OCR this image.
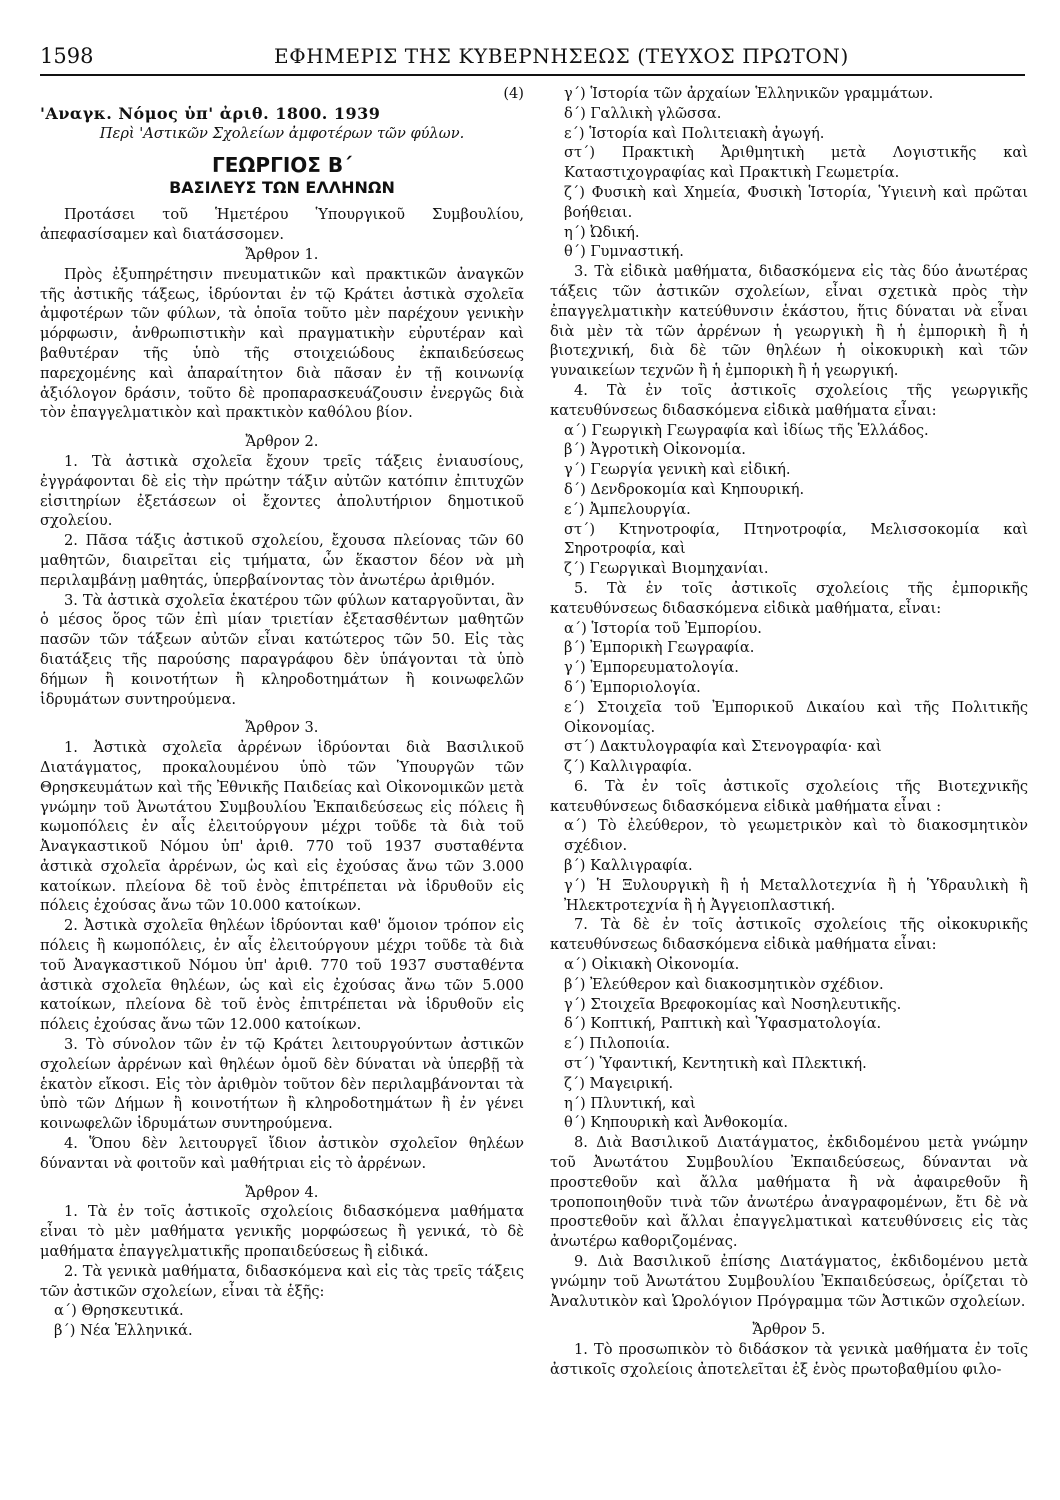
1598	ΕΦΗΜΕΡΙΣ ΤΗΣ ΚΥΒΕΡΝΗΣΕΩΣ (ΤΕΥΧΟΣ ΠΡΩΤΟΝ)

(4)

'Αναγκ. Νόμος ὑπ' ἀριθ. 1800. 1939

Περὶ 'Αστικῶν Σχολείων ἀμφοτέρων τῶν φύλων.

ΓΕΩΡΓΙΟΣ Β΄

ΒΑΣΙΛΕΥΣ ΤΩΝ ΕΛΛΗΝΩΝ

Προτάσει τοῦ Ἡμετέρου Ὑπουργικοῦ Συμβουλίου, ἀπεφασίσαμεν καὶ διατάσσομεν.

Ἄρθρον 1.

Πρὸς ἐξυπηρέτησιν πνευματικῶν καὶ πρακτικῶν ἀναγκῶν τῆς ἀστικῆς τάξεως, ἱδρύονται ἐν τῷ Κράτει ἀστικὰ σχολεῖα ἀμφοτέρων τῶν φύλων, τὰ ὁποῖα τοῦτο μὲν παρέχουν γενικὴν μόρφωσιν, ἀνθρωπιστικὴν καὶ πραγματικὴν εὐρυτέραν καὶ βαθυτέραν τῆς ὑπὸ τῆς στοιχειώδους ἐκπαιδεύσεως παρεχομένης καὶ ἀπαραίτητον διὰ πᾶσαν ἐν τῇ κοινωνίᾳ ἀξιόλογον δράσιν, τοῦτο δὲ προπαρασκευάζουσιν ἐνεργῶς διὰ τὸν ἐπαγγελματικὸν καὶ πρακτικὸν καθόλου βίον.

Ἄρθρον 2.

1. Τὰ ἀστικὰ σχολεῖα ἔχουν τρεῖς τάξεις ἐνιαυσίους, ἐγγράφονται δὲ εἰς τὴν πρώτην τάξιν αὐτῶν κατόπιν ἐπιτυχῶν εἰσιτηρίων ἐξετάσεων οἱ ἔχοντες ἀπολυτήριον δημοτικοῦ σχολείου.

2. Πᾶσα τάξις ἀστικοῦ σχολείου, ἔχουσα πλείονας τῶν 60 μαθητῶν, διαιρεῖται εἰς τμήματα, ὧν ἕκαστον δέον νὰ μὴ περιλαμβάνῃ μαθητάς, ὑπερβαίνοντας τὸν ἀνωτέρω ἀριθμόν.

3. Τὰ ἀστικὰ σχολεῖα ἑκατέρου τῶν φύλων καταργοῦνται, ἂν ὁ μέσος ὅρος τῶν ἐπὶ μίαν τριετίαν ἐξετασθέντων μαθητῶν πασῶν τῶν τάξεων αὐτῶν εἶναι κατώτερος τῶν 50. Εἰς τὰς διατάξεις τῆς παρούσης παραγράφου δὲν ὑπάγονται τὰ ὑπὸ δήμων ἢ κοινοτήτων ἢ κληροδοτημάτων ἢ κοινωφελῶν ἱδρυμάτων συντηρούμενα.

Ἄρθρον 3.

1. Ἀστικὰ σχολεῖα ἀρρένων ἱδρύονται διὰ Βασιλικοῦ Διατάγματος, προκαλουμένου ὑπὸ τῶν Ὑπουργῶν τῶν Θρησκευμάτων καὶ τῆς Ἐθνικῆς Παιδείας καὶ Οἰκονομικῶν μετὰ γνώμην τοῦ Ἀνωτάτου Συμβουλίου Ἐκπαιδεύσεως εἰς πόλεις ἢ κωμοπόλεις ἐν αἷς ἐλειτούργουν μέχρι τοῦδε τὰ διὰ τοῦ Ἀναγκαστικοῦ Νόμου ὑπ' ἀριθ. 770 τοῦ 1937 συσταθέντα ἀστικὰ σχολεῖα ἀρρένων, ὡς καὶ εἰς ἐχούσας ἄνω τῶν 3.000 κατοίκων. πλείονα δὲ τοῦ ἑνὸς ἐπιτρέπεται νὰ ἱδρυθοῦν εἰς πόλεις ἐχούσας ἄνω τῶν 10.000 κατοίκων.

2. Ἀστικὰ σχολεῖα θηλέων ἱδρύονται καθ' ὅμοιον τρόπον εἰς πόλεις ἢ κωμοπόλεις, ἐν αἷς ἐλειτούργουν μέχρι τοῦδε τὰ διὰ τοῦ Ἀναγκαστικοῦ Νόμου ὑπ' ἀριθ. 770 τοῦ 1937 συσταθέντα ἀστικὰ σχολεῖα θηλέων, ὡς καὶ εἰς ἐχούσας ἄνω τῶν 5.000 κατοίκων, πλείονα δὲ τοῦ ἑνὸς ἐπιτρέπεται νὰ ἱδρυθοῦν εἰς πόλεις ἐχούσας ἄνω τῶν 12.000 κατοίκων.

3. Τὸ σύνολον τῶν ἐν τῷ Κράτει λειτουργούντων ἀστικῶν σχολείων ἀρρένων καὶ θηλέων ὁμοῦ δὲν δύναται νὰ ὑπερβῇ τὰ ἑκατὸν εἴκοσι. Εἰς τὸν ἀριθμὸν τοῦτον δὲν περιλαμβάνονται τὰ ὑπὸ τῶν Δήμων ἢ κοινοτήτων ἢ κληροδοτημάτων ἢ ἐν γένει κοινωφελῶν ἱδρυμάτων συντηρούμενα.

4. Ὅπου δὲν λειτουργεῖ ἴδιον ἀστικὸν σχολεῖον θηλέων δύνανται νὰ φοιτοῦν καὶ μαθήτριαι εἰς τὸ ἀρρένων.

Ἄρθρον 4.

1. Τὰ ἐν τοῖς ἀστικοῖς σχολείοις διδασκόμενα μαθήματα εἶναι τὸ μὲν μαθήματα γενικῆς μορφώσεως ἢ γενικά, τὸ δὲ μαθήματα ἐπαγγελματικῆς προπαιδεύσεως ἢ εἰδικά.

2. Τὰ γενικὰ μαθήματα, διδασκόμενα καὶ εἰς τὰς τρεῖς τάξεις τῶν ἀστικῶν σχολείων, εἶναι τὰ ἑξῆς:

α΄) Θρησκευτικά.

β΄) Νέα Ἑλληνικά.

γ΄) Ἱστορία τῶν ἀρχαίων Ἑλληνικῶν γραμμάτων.

δ΄) Γαλλικὴ γλῶσσα.

ε΄) Ἱστορία καὶ Πολιτειακὴ ἀγωγή.

στ΄) Πρακτικὴ Ἀριθμητικὴ μετὰ Λογιστικῆς καὶ Καταστιχογραφίας καὶ Πρακτικὴ Γεωμετρία.

ζ΄) Φυσικὴ καὶ Χημεία, Φυσικὴ Ἱστορία, Ὑγιεινὴ καὶ πρῶται βοήθειαι.

η΄) Ὠδική.

θ΄) Γυμναστική.

3. Τὰ εἰδικὰ μαθήματα, διδασκόμενα εἰς τὰς δύο ἀνωτέρας τάξεις τῶν ἀστικῶν σχολείων, εἶναι σχετικὰ πρὸς τὴν ἐπαγγελματικὴν κατεύθυνσιν ἑκάστου, ἥτις δύναται νὰ εἶναι διὰ μὲν τὰ τῶν ἀρρένων ἡ γεωργικὴ ἢ ἡ ἐμπορικὴ ἢ ἡ βιοτεχνική, διὰ δὲ τῶν θηλέων ἡ οἰκοκυρικὴ καὶ τῶν γυναικείων τεχνῶν ἢ ἡ ἐμπορικὴ ἢ ἡ γεωργική.

4. Τὰ ἐν τοῖς ἀστικοῖς σχολείοις τῆς γεωργικῆς κατευθύνσεως διδασκόμενα εἰδικὰ μαθήματα εἶναι:

α΄) Γεωργικὴ Γεωγραφία καὶ ἰδίως τῆς Ἑλλάδος.

β΄) Ἀγροτικὴ Οἰκονομία.

γ΄) Γεωργία γενικὴ καὶ εἰδική.

δ΄) Δενδροκομία καὶ Κηπουρική.

ε΄) Ἀμπελουργία.

στ΄) Κτηνοτροφία, Πτηνοτροφία, Μελισσοκομία καὶ Σηροτροφία, καὶ

ζ΄) Γεωργικαὶ Βιομηχανίαι.

5. Τὰ ἐν τοῖς ἀστικοῖς σχολείοις τῆς ἐμπορικῆς κατευθύνσεως διδασκόμενα εἰδικὰ μαθήματα, εἶναι:

α΄) Ἱστορία τοῦ Ἐμπορίου.

β΄) Ἐμπορικὴ Γεωγραφία.

γ΄) Ἐμπορευματολογία.

δ΄) Ἐμποριολογία.

ε΄) Στοιχεῖα τοῦ Ἐμπορικοῦ Δικαίου καὶ τῆς Πολιτικῆς Οἰκονομίας.

στ΄) Δακτυλογραφία καὶ Στενογραφία· καὶ

ζ΄) Καλλιγραφία.

6. Τὰ ἐν τοῖς ἀστικοῖς σχολείοις τῆς Βιοτεχνικῆς κατευθύνσεως διδασκόμενα εἰδικὰ μαθήματα εἶναι :

α΄) Τὸ ἐλεύθερον, τὸ γεωμετρικὸν καὶ τὸ διακοσμητικὸν σχέδιον.

β΄) Καλλιγραφία.

γ΄) Ἡ Ξυλουργικὴ ἢ ἡ Μεταλλοτεχνία ἢ ἡ Ὑδραυλικὴ ἢ Ἠλεκτροτεχνία ἢ ἡ Ἀγγειοπλαστική.

7. Τὰ δὲ ἐν τοῖς ἀστικοῖς σχολείοις τῆς οἰκοκυρικῆς κατευθύνσεως διδασκόμενα εἰδικὰ μαθήματα εἶναι:

α΄) Οἰκιακὴ Οἰκονομία.

β΄) Ἐλεύθερον καὶ διακοσμητικὸν σχέδιον.

γ΄) Στοιχεῖα Βρεφοκομίας καὶ Νοσηλευτικῆς.

δ΄) Κοπτική, Ραπτικὴ καὶ Ὑφασματολογία.

ε΄) Πιλοποιία.

στ΄) Ὑφαντική, Κεντητικὴ καὶ Πλεκτική.

ζ΄) Μαγειρική.

η΄) Πλυντική, καὶ

θ΄) Κηπουρικὴ καὶ Ἀνθοκομία.

8. Διὰ Βασιλικοῦ Διατάγματος, ἐκδιδομένου μετὰ γνώμην τοῦ Ἀνωτάτου Συμβουλίου Ἐκπαιδεύσεως, δύνανται νὰ προστεθοῦν καὶ ἄλλα μαθήματα ἢ νὰ ἀφαιρεθοῦν ἢ τροποποιηθοῦν τινὰ τῶν ἀνωτέρω ἀναγραφομένων, ἔτι δὲ νὰ προστεθοῦν καὶ ἄλλαι ἐπαγγελματικαὶ κατευθύνσεις εἰς τὰς ἀνωτέρω καθοριζομένας.

9. Διὰ Βασιλικοῦ ἐπίσης Διατάγματος, ἐκδιδομένου μετὰ γνώμην τοῦ Ἀνωτάτου Συμβουλίου Ἐκπαιδεύσεως, ὁρίζεται τὸ Ἀναλυτικὸν καὶ Ὡρολόγιον Πρόγραμμα τῶν Ἀστικῶν σχολείων.

Ἄρθρον 5.

1. Τὸ προσωπικὸν τὸ διδάσκον τὰ γενικὰ μαθήματα ἐν τοῖς ἀστικοῖς σχολείοις ἀποτελεῖται ἐξ ἑνὸς πρωτοβαθμίου φιλο-
